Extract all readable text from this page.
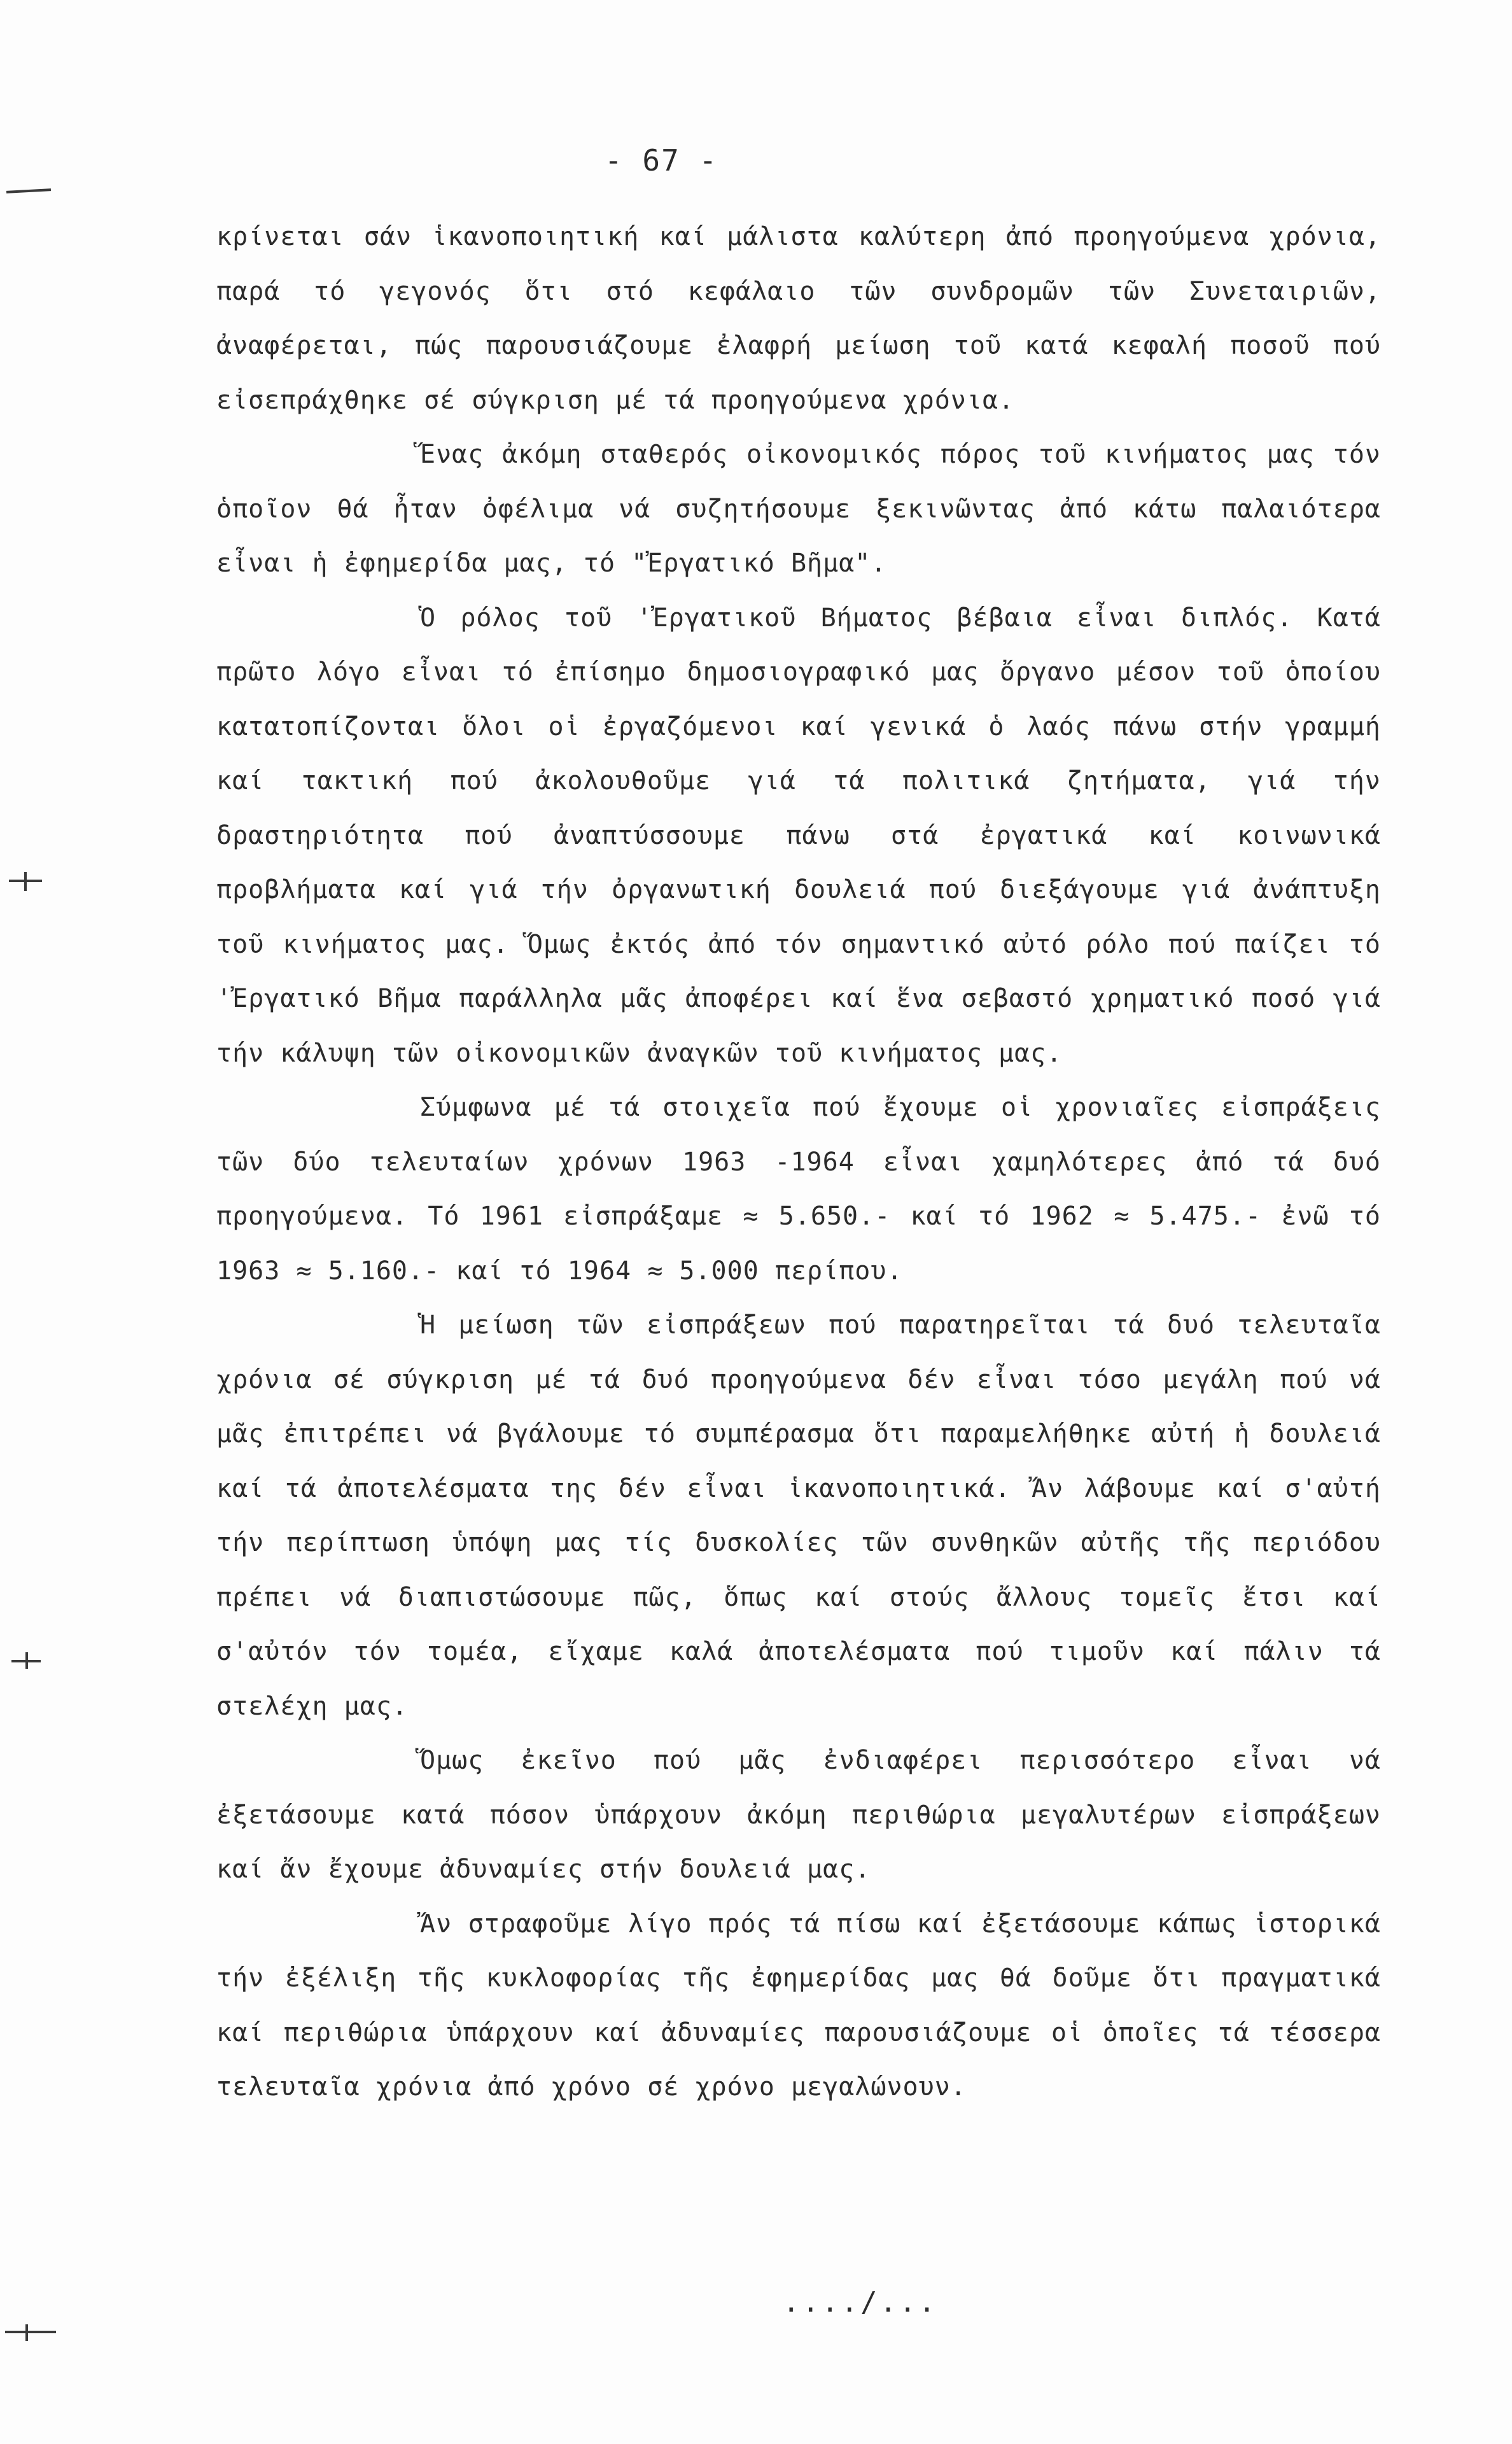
- 67 -

κρίνεται σάν ἱκανοποιητική καί μάλιστα καλύτερη ἀπό προηγούμενα χρόνια, παρά τό γεγονός ὅτι στό κεφάλαιο τῶν συνδρομῶν τῶν Συνεταιριῶν, ἀναφέρεται, πώς παρουσιάζουμε ἐλαφρή μείωση τοῦ κατά κεφαλή ποσοῦ πού εἰσεπράχθηκε σέ σύγκριση μέ τά προηγούμενα χρόνια.

Ἕνας ἀκόμη σταθερός οἰκονομικός πόρος τοῦ κινήματος μας τόν ὁποῖον θά ἦταν ὀφέλιμα νά συζητήσουμε ξεκινῶντας ἀπό κάτω παλαιότερα εἶναι ἡ ἐφημερίδα μας, τό "Ἐργατικό Βῆμα".

Ὁ ρόλος τοῦ 'Ἐργατικοῦ Βήματος βέβαια εἶναι διπλός. Κατά πρῶτο λόγο εἶναι τό ἐπίσημο δημοσιογραφικό μας ὄργανο μέσον τοῦ ὁποίου κατατοπίζονται ὅλοι οἱ ἐργαζόμενοι καί γενικά ὁ λαός πάνω στήν γραμμή καί τακτική πού ἀκολουθοῦμε γιά τά πολιτικά ζητήματα, γιά τήν δραστηριότητα πού ἀναπτύσσουμε πάνω στά ἐργατικά καί κοινωνικά προβλήματα καί γιά τήν ὀργανωτική δουλειά πού διεξάγουμε γιά ἀνάπτυξη τοῦ κινήματος μας. Ὅμως ἐκτός ἀπό τόν σημαντικό αὐτό ρόλο πού παίζει τό 'Ἐργατικό Βῆμα παράλληλα μᾶς ἀποφέρει καί ἕνα σεβαστό χρηματικό ποσό γιά τήν κάλυψη τῶν οἰκονομικῶν ἀναγκῶν τοῦ κινήματος μας.

Σύμφωνα μέ τά στοιχεῖα πού ἔχουμε οἱ χρονιαῖες εἰσπράξεις τῶν δύο τελευταίων χρόνων 1963 -1964 εἶναι χαμηλότερες ἀπό τά δυό προηγούμενα. Τό 1961 εἰσπράξαμε ≈ 5.650.- καί τό 1962 ≈ 5.475.- ἐνῶ τό 1963 ≈ 5.160.- καί τό 1964 ≈ 5.000 περίπου.

Ἡ μείωση τῶν εἰσπράξεων πού παρατηρεῖται τά δυό τελευταῖα χρόνια σέ σύγκριση μέ τά δυό προηγούμενα δέν εἶναι τόσο μεγάλη πού νά μᾶς ἐπιτρέπει νά βγάλουμε τό συμπέρασμα ὅτι παραμελήθηκε αὐτή ἡ δουλειά καί τά ἀποτελέσματα της δέν εἶναι ἱκανοποιητικά. Ἄν λάβουμε καί σ'αὐτή τήν περίπτωση ὑπόψη μας τίς δυσκολίες τῶν συνθηκῶν αὐτῆς τῆς περιόδου πρέπει νά διαπιστώσουμε πῶς, ὅπως καί στούς ἄλλους τομεῖς ἔτσι καί σ'αὐτόν τόν τομέα, εἴχαμε καλά ἀποτελέσματα πού τιμοῦν καί πάλιν τά στελέχη μας.

Ὅμως ἐκεῖνο πού μᾶς ἐνδιαφέρει περισσότερο εἶναι νά ἐξετάσουμε κατά πόσον ὑπάρχουν ἀκόμη περιθώρια μεγαλυτέρων εἰσπράξεων καί ἄν ἔχουμε ἀδυναμίες στήν δουλειά μας.

Ἄν στραφοῦμε λίγο πρός τά πίσω καί ἐξετάσουμε κάπως ἱστορικά τήν ἐξέλιξη τῆς κυκλοφορίας τῆς ἐφημερίδας μας θά δοῦμε ὅτι πραγματικά καί περιθώρια ὑπάρχουν καί ἀδυναμίες παρουσιάζουμε οἱ ὁποῖες τά τέσσερα τελευταῖα χρόνια ἀπό χρόνο σέ χρόνο μεγαλώνουν.

..../...
